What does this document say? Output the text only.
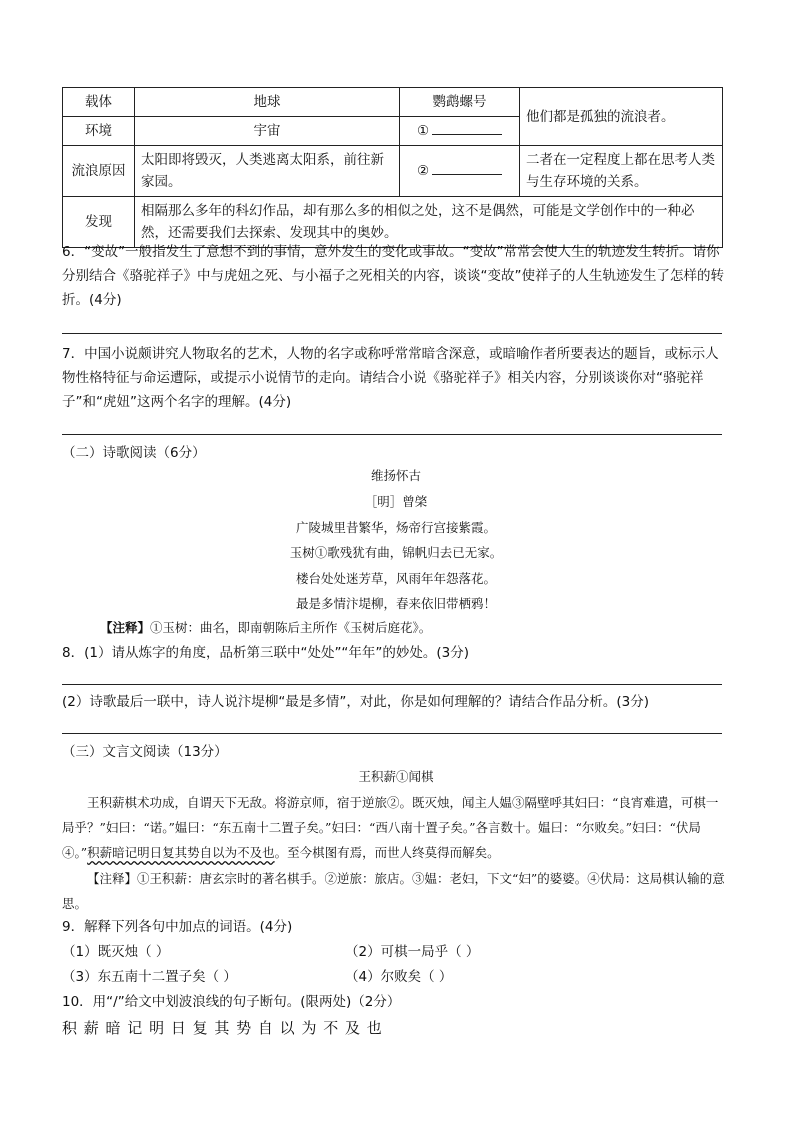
载体	地球	鹦鹉螺号	他们都是孤独的流浪者。
环境	宇宙	①	
流浪原因	太阳即将毁灭，人类逃离太阳系，前往新家园。	②	二者在一定程度上都在思考人类与生存环境的关系。
发现	相隔那么多年的科幻作品，却有那么多的相似之处，这不是偶然，可能是文学创作中的一种必然，还需要我们去探索、发现其中的奥妙。		
6．“变故”一般指发生了意想不到的事情，意外发生的变化或事故。“变故”常常会使人生的轨迹发生转折。请你分别结合《骆驼祥子》中与虎妞之死、与小福子之死相关的内容，谈谈“变故”使祥子的人生轨迹发生了怎样的转折。(4分)
7．中国小说颇讲究人物取名的艺术，人物的名字或称呼常常暗含深意，或暗喻作者所要表达的题旨，或标示人物性格特征与命运遭际，或提示小说情节的走向。请结合小说《骆驼祥子》相关内容，分别谈谈你对“骆驼祥子”和“虎妞”这两个名字的理解。(4分)
（二）诗歌阅读（6分）
维扬怀古
［明］曾棨
广陵城里昔繁华，炀帝行宫接紫霞。
玉树①歌残犹有曲，锦帆归去已无家。
楼台处处迷芳草，风雨年年怨落花。
最是多情汴堤柳，春来依旧带栖鸦！
【注释】①玉树：曲名，即南朝陈后主所作《玉树后庭花》。
8．(1）请从炼字的角度，品析第三联中“处处”“年年”的妙处。(3分)
(2）诗歌最后一联中，诗人说汴堤柳“最是多情”，对此，你是如何理解的？请结合作品分析。(3分)
（三）文言文阅读（13分）
王积薪①闻棋
王积薪棋术功成，自谓天下无敌。将游京师，宿于逆旅②。既灭烛，闻主人媪③隔壁呼其妇曰：“良宵难遣，可棋一局乎？”妇曰：“诺。”媪曰：“东五南十二置子矣。”妇曰：“西八南十置子矣。”各言数十。媪曰：“尔败矣。”妇曰：“伏局④。”积薪暗记明日复其势自以为不及也。至今棋图有焉，而世人终莫得而解矣。
【注释】①王积薪：唐玄宗时的著名棋手。②逆旅：旅店。③媪：老妇，下文“妇”的婆婆。④伏局：这局棋认输的意思。
9．解释下列各句中加点的词语。(4分)
（1）既灭烛（ ）	（2）可棋一局乎（ ）
（3）东五南十二置子矣（ ）	（4）尔败矣（ ）
10．用“/”给文中划波浪线的句子断句。(限两处)（2分）
积 薪 暗 记 明 日 复 其 势 自 以 为 不 及 也
